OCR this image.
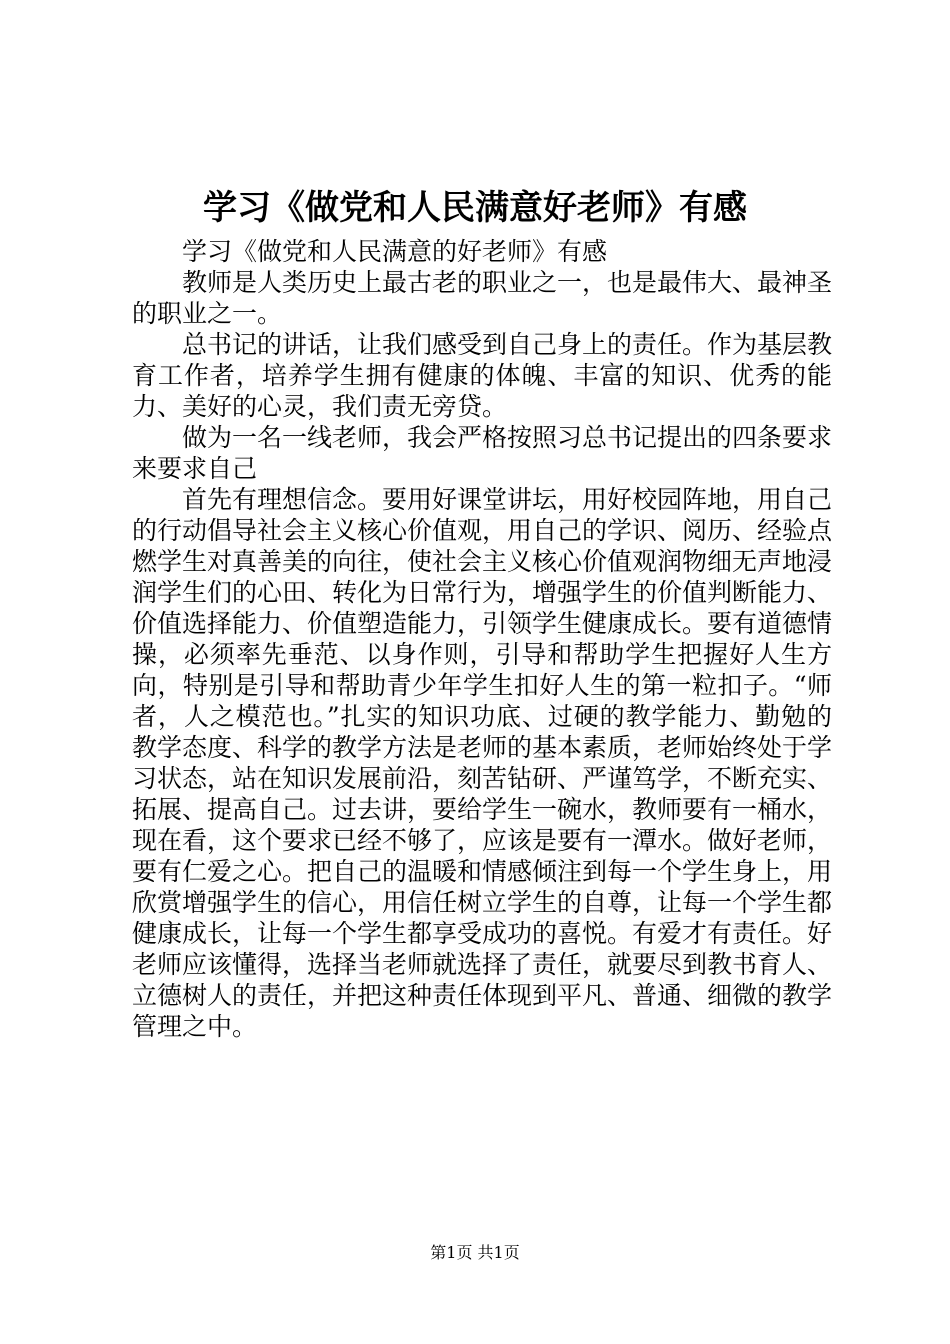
学习《做党和人民满意好老师》有感

学习《做党和人民满意的好老师》有感

教师是人类历史上最古老的职业之一，也是最伟大、最神圣的职业之一。

总书记的讲话，让我们感受到自己身上的责任。作为基层教育工作者，培养学生拥有健康的体魄、丰富的知识、优秀的能力、美好的心灵，我们责无旁贷。

做为一名一线老师，我会严格按照习总书记提出的四条要求来要求自己

首先有理想信念。要用好课堂讲坛，用好校园阵地，用自己的行动倡导社会主义核心价值观，用自己的学识、阅历、经验点燃学生对真善美的向往，使社会主义核心价值观润物细无声地浸润学生们的心田、转化为日常行为，增强学生的价值判断能力、价值选择能力、价值塑造能力，引领学生健康成长。要有道德情操，必须率先垂范、以身作则，引导和帮助学生把握好人生方向，特别是引导和帮助青少年学生扣好人生的第一粒扣子。“师者，人之模范也。”扎实的知识功底、过硬的教学能力、勤勉的教学态度、科学的教学方法是老师的基本素质，老师始终处于学习状态，站在知识发展前沿，刻苦钻研、严谨笃学，不断充实、拓展、提高自己。过去讲，要给学生一碗水，教师要有一桶水，现在看，这个要求已经不够了，应该是要有一潭水。做好老师，要有仁爱之心。把自己的温暖和情感倾注到每一个学生身上，用欣赏增强学生的信心，用信任树立学生的自尊，让每一个学生都健康成长，让每一个学生都享受成功的喜悦。有爱才有责任。好老师应该懂得，选择当老师就选择了责任，就要尽到教书育人、立德树人的责任，并把这种责任体现到平凡、普通、细微的教学管理之中。

第1页 共1页
